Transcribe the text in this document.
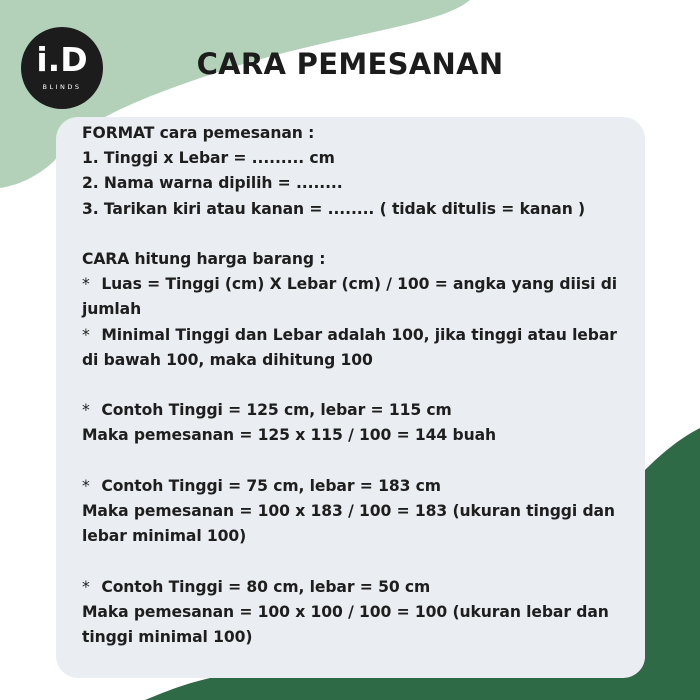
i.D
BLINDS
CARA PEMESANAN
FORMAT cara pemesanan :
1. Tinggi x Lebar = ......... cm
2. Nama warna dipilih = ........
3. Tarikan kiri atau kanan = ........ ( tidak ditulis = kanan )
CARA hitung harga barang :
* Luas = Tinggi (cm) X Lebar (cm) / 100 = angka yang diisi di jumlah
* Minimal Tinggi dan Lebar adalah 100, jika tinggi atau lebar di bawah 100, maka dihitung 100
* Contoh Tinggi = 125 cm, lebar = 115 cm
Maka pemesanan = 125 x 115 / 100 = 144 buah
* Contoh Tinggi = 75 cm, lebar = 183 cm
Maka pemesanan = 100 x 183 / 100 = 183 (ukuran tinggi dan lebar minimal 100)
* Contoh Tinggi = 80 cm, lebar = 50 cm
Maka pemesanan = 100 x 100 / 100 = 100 (ukuran lebar dan tinggi minimal 100)
